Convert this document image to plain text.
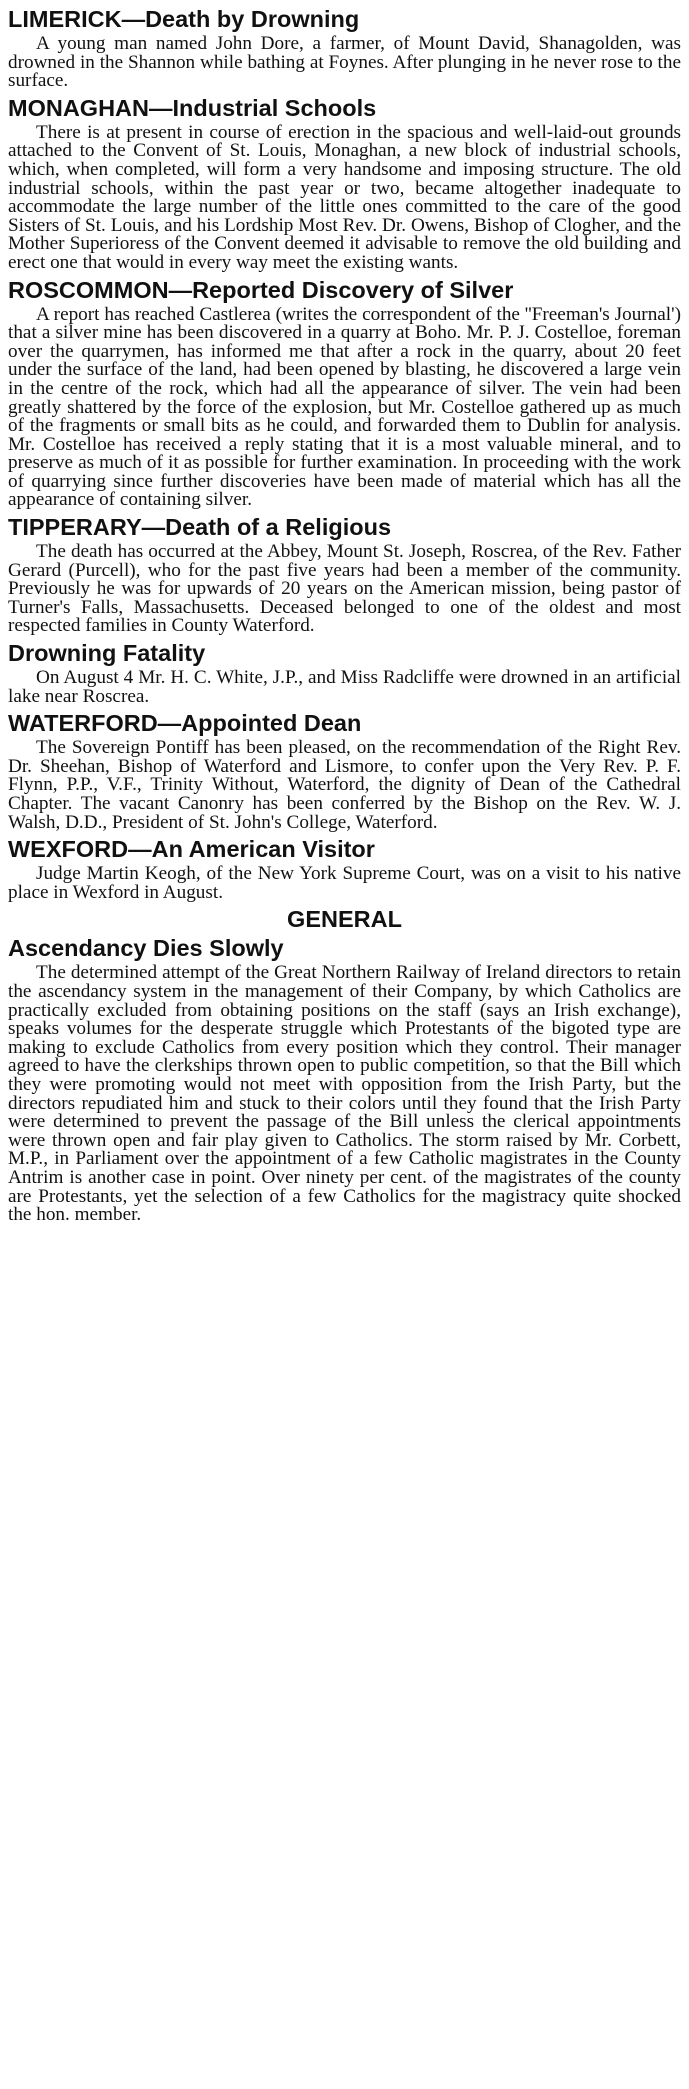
LIMERICK—Death by Drowning

A young man named John Dore, a farmer, of Mount David, Shanagolden, was drowned in the Shannon while bathing at Foynes. After plunging in he never rose to the surface.

MONAGHAN—Industrial Schools

There is at present in course of erection in the spacious and well-laid-out grounds attached to the Convent of St. Louis, Monaghan, a new block of industrial schools, which, when completed, will form a very handsome and imposing structure. The old industrial schools, within the past year or two, became altogether inadequate to accommodate the large number of the little ones committed to the care of the good Sisters of St. Louis, and his Lordship Most Rev. Dr. Owens, Bishop of Clogher, and the Mother Superioress of the Convent deemed it advisable to remove the old building and erect one that would in every way meet the existing wants.

ROSCOMMON—Reported Discovery of Silver

A report has reached Castlerea (writes the correspondent of the ''Freeman's Journal') that a silver mine has been discovered in a quarry at Boho. Mr. P. J. Costelloe, foreman over the quarrymen, has informed me that after a rock in the quarry, about 20 feet under the surface of the land, had been opened by blasting, he discovered a large vein in the centre of the rock, which had all the appearance of silver. The vein had been greatly shattered by the force of the explosion, but Mr. Costelloe gathered up as much of the fragments or small bits as he could, and forwarded them to Dublin for analysis. Mr. Costelloe has received a reply stating that it is a most valuable mineral, and to preserve as much of it as possible for further examination. In proceeding with the work of quarrying since further discoveries have been made of material which has all the appearance of containing silver.

TIPPERARY—Death of a Religious

The death has occurred at the Abbey, Mount St. Joseph, Roscrea, of the Rev. Father Gerard (Purcell), who for the past five years had been a member of the community. Previously he was for upwards of 20 years on the American mission, being pastor of Turner's Falls, Massachusetts. Deceased belonged to one of the oldest and most respected families in County Waterford.

Drowning Fatality

On August 4 Mr. H. C. White, J.P., and Miss Radcliffe were drowned in an artificial lake near Roscrea.

WATERFORD—Appointed Dean

The Sovereign Pontiff has been pleased, on the recommendation of the Right Rev. Dr. Sheehan, Bishop of Waterford and Lismore, to confer upon the Very Rev. P. F. Flynn, P.P., V.F., Trinity Without, Waterford, the dignity of Dean of the Cathedral Chapter. The vacant Canonry has been conferred by the Bishop on the Rev. W. J. Walsh, D.D., President of St. John's College, Waterford.

WEXFORD—An American Visitor

Judge Martin Keogh, of the New York Supreme Court, was on a visit to his native place in Wexford in August.

GENERAL
Ascendancy Dies Slowly

The determined attempt of the Great Northern Railway of Ireland directors to retain the ascendancy system in the management of their Company, by which Catholics are practically excluded from obtaining positions on the staff (says an Irish exchange), speaks volumes for the desperate struggle which Protestants of the bigoted type are making to exclude Catholics from every position which they control. Their manager agreed to have the clerkships thrown open to public competition, so that the Bill which they were promoting would not meet with opposition from the Irish Party, but the directors repudiated him and stuck to their colors until they found that the Irish Party were determined to prevent the passage of the Bill unless the clerical appointments were thrown open and fair play given to Catholics. The storm raised by Mr. Corbett, M.P., in Parliament over the appointment of a few Catholic magistrates in the County Antrim is another case in point. Over ninety per cent. of the magistrates of the county are Protestants, yet the selection of a few Catholics for the magistracy quite shocked the hon. member.
